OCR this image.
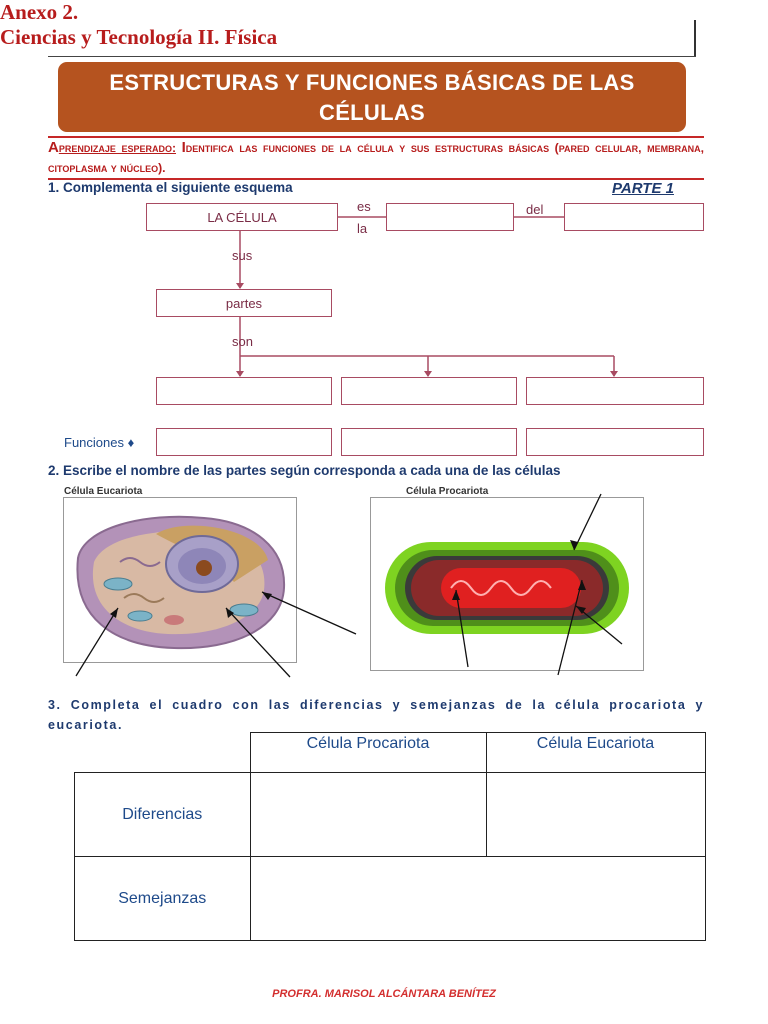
Anexo 2.
Ciencias y Tecnología II. Física
ESTRUCTURAS Y FUNCIONES BÁSICAS DE LAS CÉLULAS
Aprendizaje esperado: Identifica las funciones de la célula y sus estructuras básicas (pared celular, membrana, citoplasma y núcleo).
1. Complementa el siguiente esquema	PARTE 1
LA CÉLULA
es
la
del
sus
partes
son
Funciones ♦
2. Escribe el nombre de las partes según corresponda a cada una de las células
Célula Eucariota	Célula Procariota
3. Completa el cuadro con las diferencias y semejanzas de la célula procariota y eucariota.
	Célula Procariota	Célula Eucariota
Diferencias		
Semejanzas		
PROFRA. MARISOL ALCÁNTARA BENÍTEZ
